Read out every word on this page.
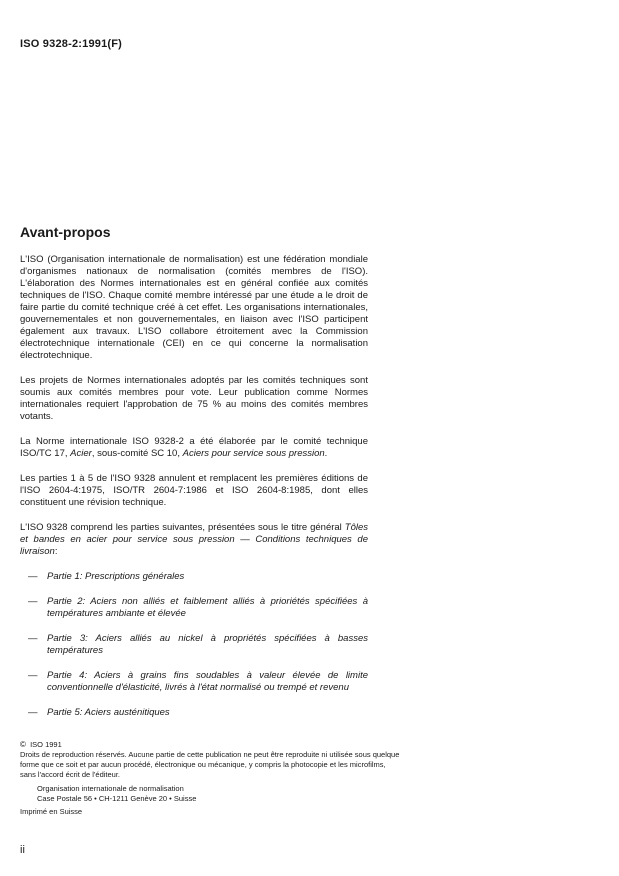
ISO 9328-2:1991(F)
Avant-propos

L'ISO (Organisation internationale de normalisation) est une fédération mondiale d'organismes nationaux de normalisation (comités membres de l'ISO). L'élaboration des Normes internationales est en général confiée aux comités techniques de l'ISO. Chaque comité membre intéressé par une étude a le droit de faire partie du comité technique créé à cet effet. Les organisations internationales, gouvernementales et non gouvernementales, en liaison avec l'ISO participent également aux travaux. L'ISO collabore étroitement avec la Commission électrotechnique internationale (CEI) en ce qui concerne la normalisation électrotechnique.

Les projets de Normes internationales adoptés par les comités techniques sont soumis aux comités membres pour vote. Leur publication comme Normes internationales requiert l'approbation de 75 % au moins des comités membres votants.

La Norme internationale ISO 9328-2 a été élaborée par le comité technique ISO/TC 17, Acier, sous-comité SC 10, Aciers pour service sous pression.

Les parties 1 à 5 de l'ISO 9328 annulent et remplacent les premières éditions de l'ISO 2604-4:1975, ISO/TR 2604-7:1986 et ISO 2604-8:1985, dont elles constituent une révision technique.

L'ISO 9328 comprend les parties suivantes, présentées sous le titre général Tôles et bandes en acier pour service sous pression — Conditions techniques de livraison:

— Partie 1: Prescriptions générales
— Partie 2: Aciers non alliés et faiblement alliés à prioriétés spécifiées à températures ambiante et élevée
— Partie 3: Aciers alliés au nickel à propriétés spécifiées à basses températures
— Partie 4: Aciers à grains fins soudables à valeur élevée de limite conventionnelle d'élasticité, livrés à l'état normalisé ou trempé et revenu
— Partie 5: Aciers austénitiques
© ISO 1991
Droits de reproduction réservés. Aucune partie de cette publication ne peut être reproduite ni utilisée sous quelque forme que ce soit et par aucun procédé, électronique ou mécanique, y compris la photocopie et les microfilms, sans l'accord écrit de l'éditeur.
Organisation internationale de normalisation
Case Postale 56 • CH-1211 Genève 20 • Suisse
Imprimé en Suisse
ii
